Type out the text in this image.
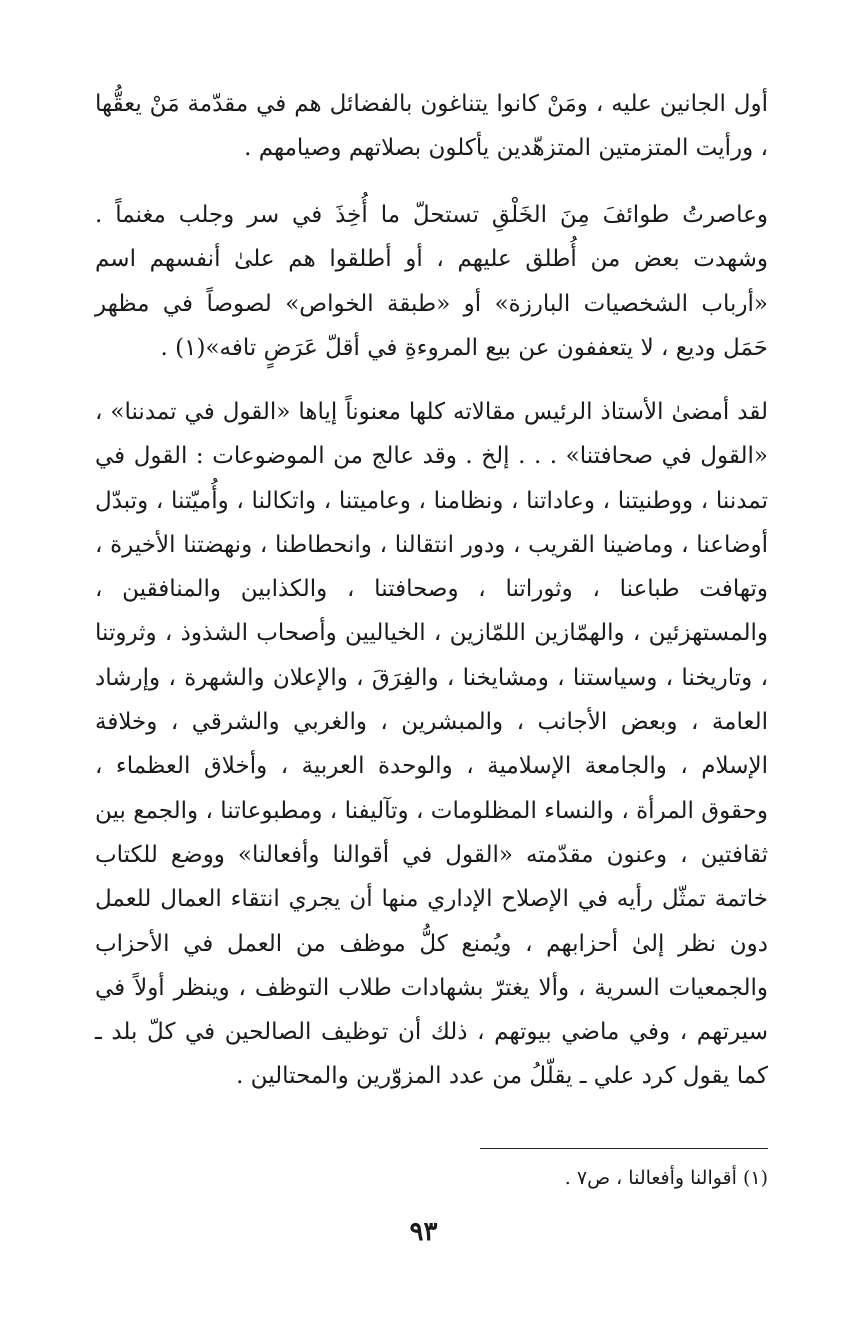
أول الجانين عليه ، ومَنْ كانوا يتناغون بالفضائل هم في مقدّمة مَنْ يعقُّها ، ورأيت المتزمتين المتزهّدين يأكلون بصلاتهم وصيامهم .

وعاصرتُ طوائفَ مِنَ الخَلْقِ تستحلّ ما أُخِذَ في سر وجلب مغنماً . وشهدت بعض من أُطلق عليهم ، أو أطلقوا هم علىٰ أنفسهم اسم «أرباب الشخصيات البارزة» أو «طبقة الخواص» لصوصاً في مظهر حَمَل وديع ، لا يتعففون عن بيع المروءةِ في أقلّ عَرَضٍ تافه»(١) .

لقد أمضىٰ الأستاذ الرئيس مقالاته كلها معنوناً إياها «القول في تمدننا» ، «القول في صحافتنا» . . . إلخ . وقد عالج من الموضوعات : القول في تمدننا ، ووطنيتنا ، وعاداتنا ، ونظامنا ، وعاميتنا ، واتكالنا ، وأُميّتنا ، وتبدّل أوضاعنا ، وماضينا القريب ، ودور انتقالنا ، وانحطاطنا ، ونهضتنا الأخيرة ، وتهافت طباعنا ، وثوراتنا ، وصحافتنا ، والكذابين والمنافقين ، والمستهزئين ، والهمّازين اللمّازين ، الخياليين وأصحاب الشذوذ ، وثروتنا ، وتاريخنا ، وسياستنا ، ومشايخنا ، والفِرَقَ ، والإعلان والشهرة ، وإرشاد العامة ، وبعض الأجانب ، والمبشرين ، والغربي والشرقي ، وخلافة الإسلام ، والجامعة الإسلامية ، والوحدة العربية ، وأخلاق العظماء ، وحقوق المرأة ، والنساء المظلومات ، وتآليفنا ، ومطبوعاتنا ، والجمع بين ثقافتين ، وعنون مقدّمته «القول في أقوالنا وأفعالنا» ووضع للكتاب خاتمة تمثّل رأيه في الإصلاح الإداري منها أن يجري انتقاء العمال للعمل دون نظر إلىٰ أحزابهم ، ويُمنع كلُّ موظف من العمل في الأحزاب والجمعيات السرية ، وألا يغترّ بشهادات طلاب التوظف ، وينظر أولاً في سيرتهم ، وفي ماضي بيوتهم ، ذلك أن توظيف الصالحين في كلّ بلد ـ كما يقول كرد علي ـ يقلّلُ من عدد المزوّرين والمحتالين .

(١) أقوالنا وأفعالنا ، ص٧ .

٩٣
